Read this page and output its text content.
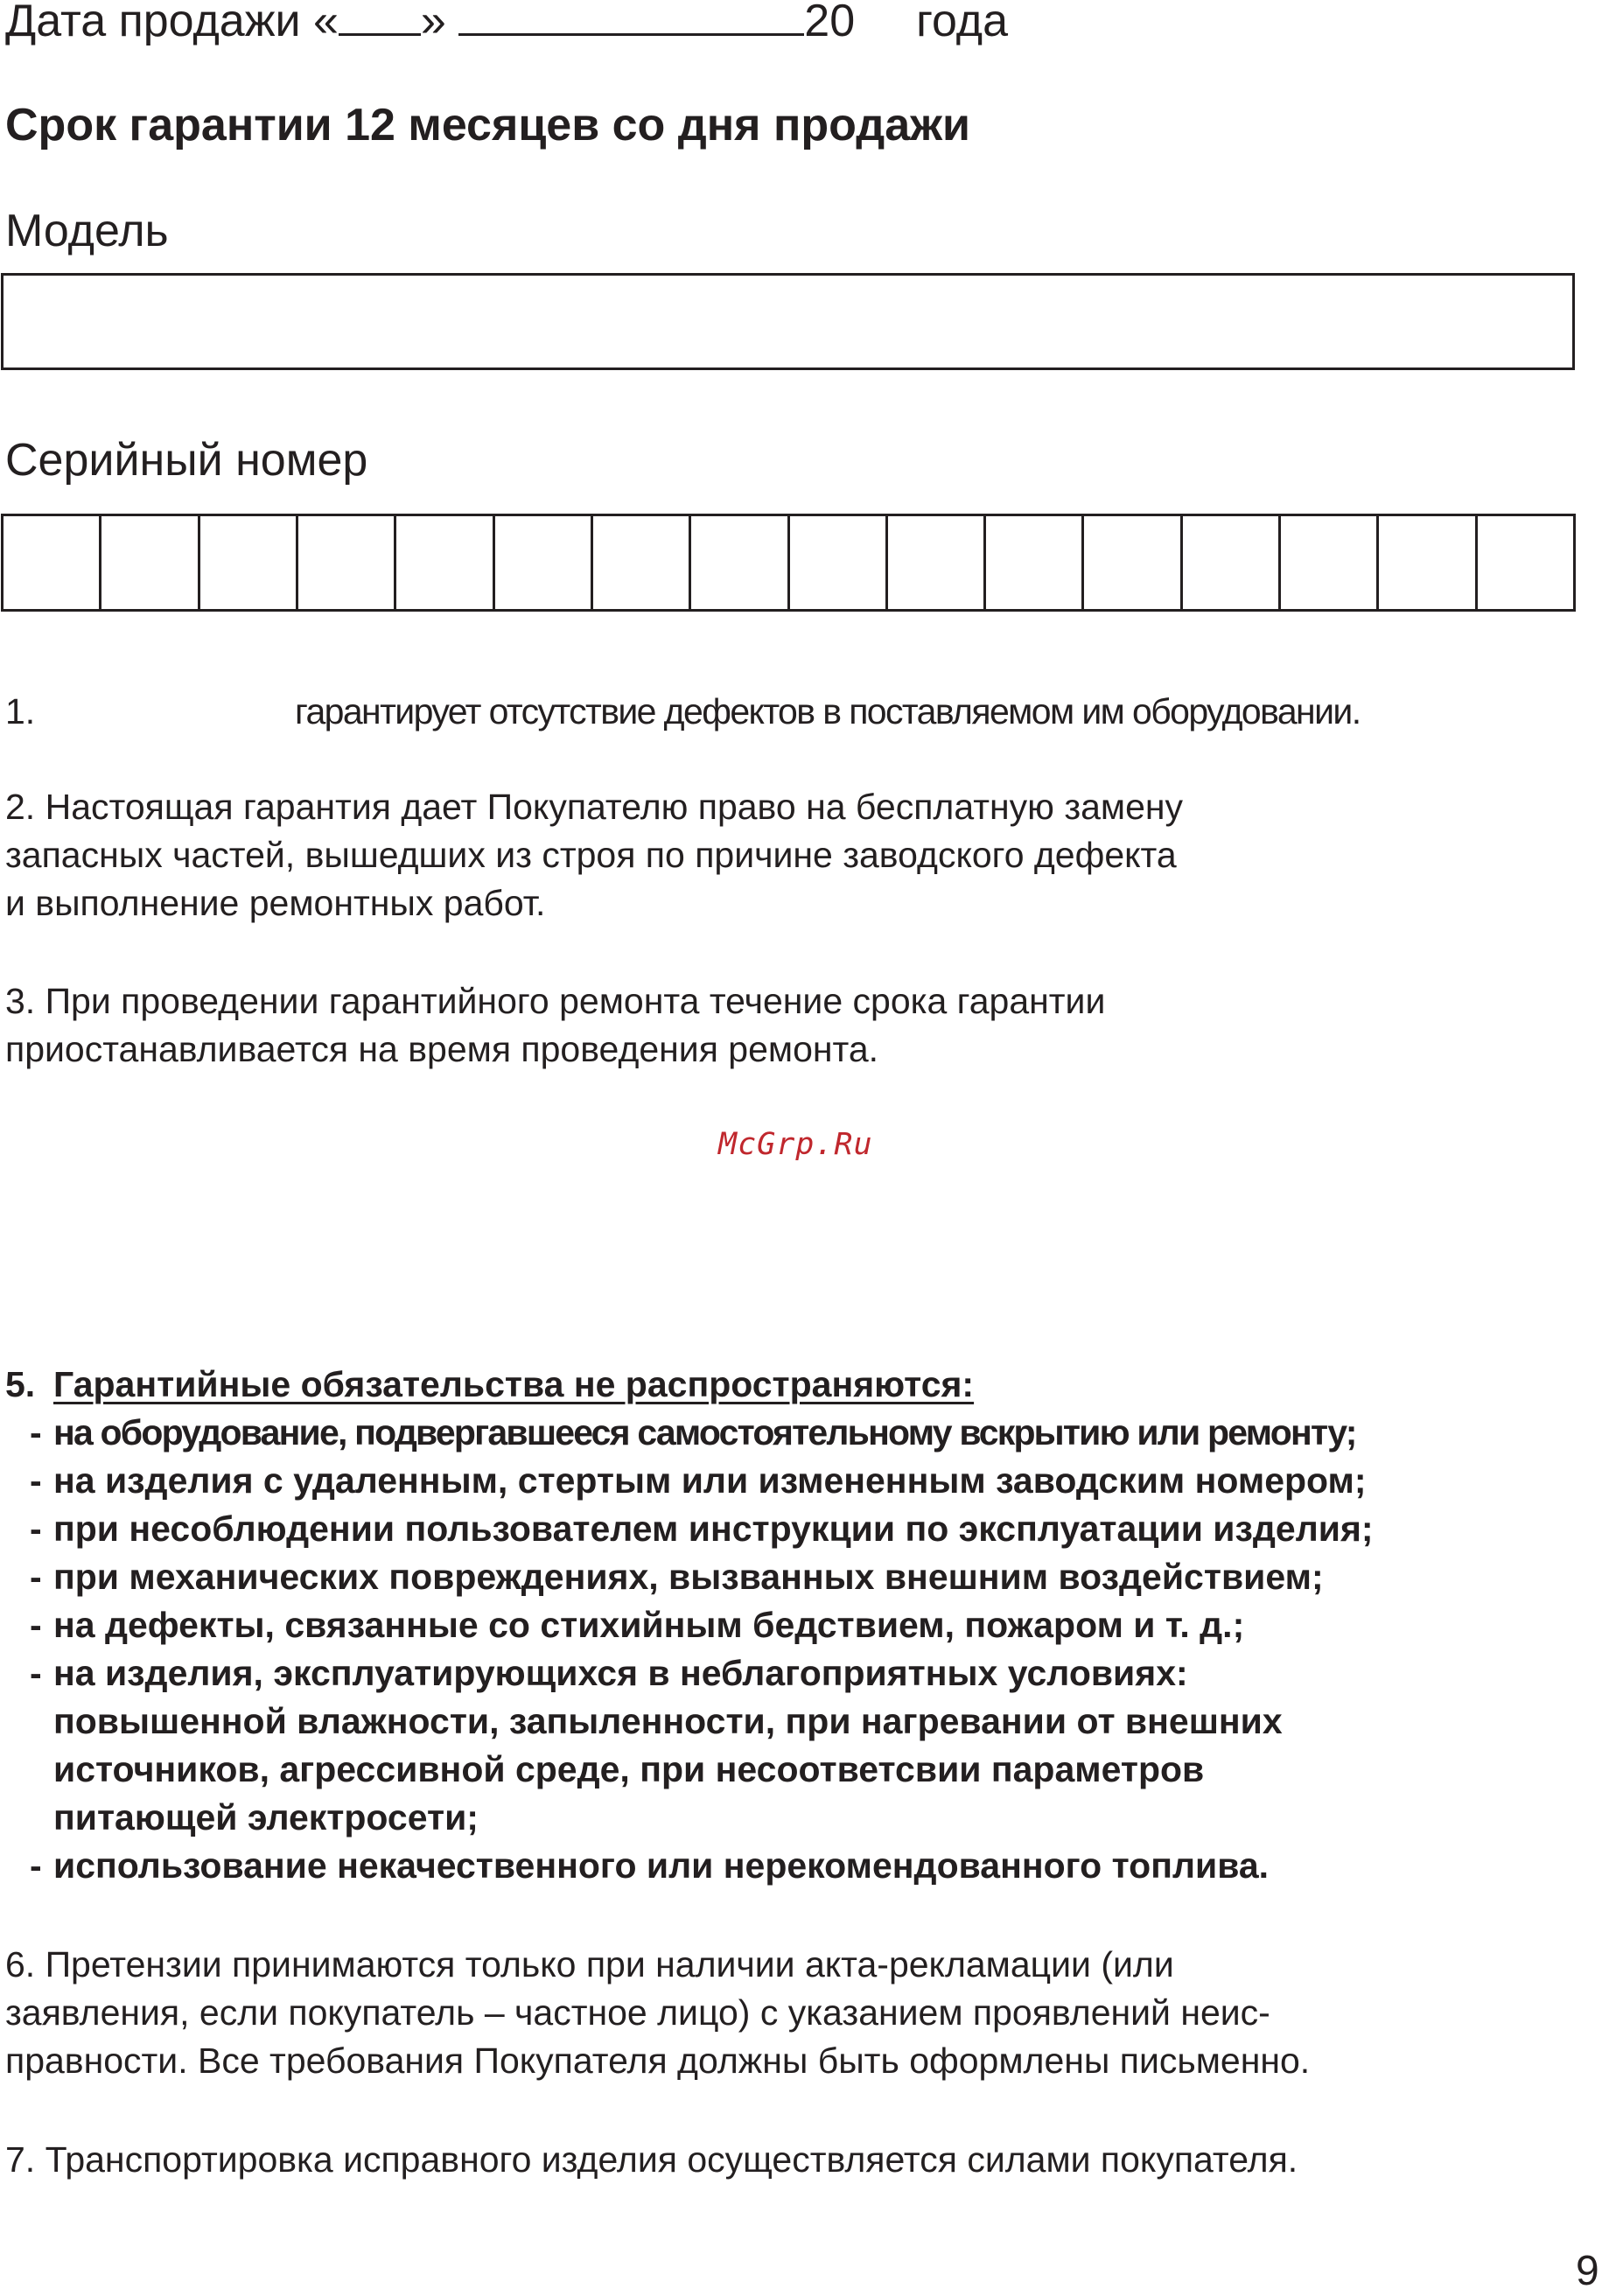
Дата продажи « »	20 года
Срок гарантии 12 месяцев со дня продажи
Модель
Серийный номер
1.	гарантирует отсутствие дефектов в поставляемом им оборудовании.
2. Настоящая гарантия дает Покупателю право на бесплатную замену
запасных частей, вышедших из строя по причине заводского дефекта
и выполнение ремонтных работ.
3. При проведении гарантийного ремонта течение срока гарантии
приостанавливается на время проведения ремонта.
McGrp.Ru
5. Гарантийные обязательства не распространяются:
- на оборудование, подвергавшееся самостоятельному вскрытию или ремонту;
- на изделия с удаленным, стертым или измененным заводским номером;
- при несоблюдении пользователем инструкции по эксплуатации изделия;
- при механических повреждениях, вызванных внешним воздействием;
- на дефекты, связанные со стихийным бедствием, пожаром и т. д.;
- на изделия, эксплуатирующихся в неблагоприятных условиях:
повышенной влажности, запыленности, при нагревании от внешних
источников, агрессивной среде, при несоответсвии параметров
питающей электросети;
- использование некачественного или нерекомендованного топлива.
6. Претензии принимаются только при наличии акта-рекламации (или
заявления, если покупатель – частное лицо) с указанием проявлений неис-
правности. Все требования Покупателя должны быть оформлены письменно.
7. Транспортировка исправного изделия осуществляется силами покупателя.
9
